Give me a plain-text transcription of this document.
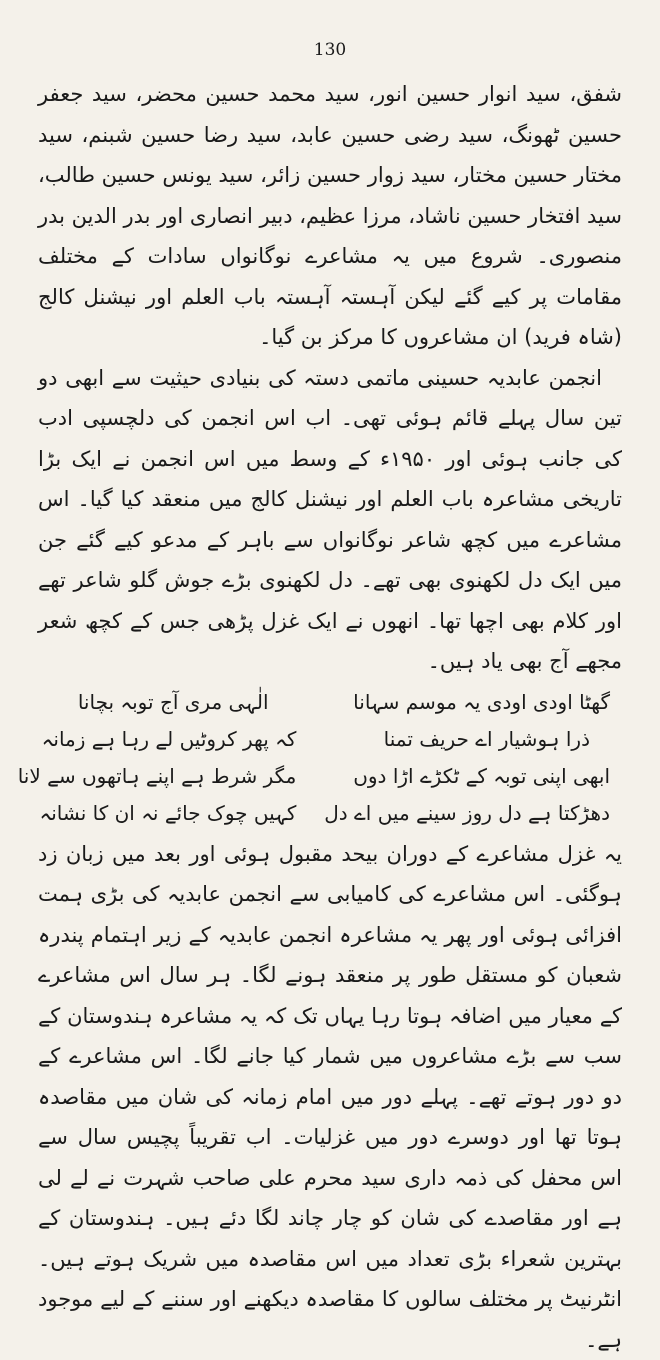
130

شفق، سید انوار حسین انور، سید محمد حسین محضر، سید جعفر حسین ٹھونگ، سید رضی حسین عابد، سید رضا حسین شبنم، سید مختار حسین مختار، سید زوار حسین زائر، سید یونس حسین طالب، سید افتخار حسین ناشاد، مرزا عظیم، دبیر انصاری اور بدر الدین بدر منصوری۔ شروع میں یہ مشاعرے نوگانواں سادات کے مختلف مقامات پر کیے گئے لیکن آہستہ آہستہ باب العلم اور نیشنل کالج (شاہ فرید) ان مشاعروں کا مرکز بن گیا۔

انجمن عابدیہ حسینی ماتمی دستہ کی بنیادی حیثیت سے ابھی دو تین سال پہلے قائم ہوئی تھی۔ اب اس انجمن کی دلچسپی ادب کی جانب ہوئی اور ۱۹۵۰ء کے وسط میں اس انجمن نے ایک بڑا تاریخی مشاعرہ باب العلم اور نیشنل کالج میں منعقد کیا گیا۔ اس مشاعرے میں کچھ شاعر نوگانواں سے باہر کے مدعو کیے گئے جن میں ایک دل لکھنوی بھی تھے۔ دل لکھنوی بڑے جوش گلو شاعر تھے اور کلام بھی اچھا تھا۔ انھوں نے ایک غزل پڑھی جس کے کچھ شعر مجھے آج بھی یاد ہیں۔

گھٹا اودی اودی یہ موسم سہانا
الٰہی مری آج توبہ بچانا
ذرا ہوشیار اے حریف تمنا
کہ پھر کروٹیں لے رہا ہے زمانہ
ابھی اپنی توبہ کے ٹکڑے اڑا دوں
مگر شرط ہے اپنے ہاتھوں سے لانا
دھڑکتا ہے دل روز سینے میں اے دل
کہیں چوک جائے نہ ان کا نشانہ

یہ غزل مشاعرے کے دوران بیحد مقبول ہوئی اور بعد میں زبان زد ہوگئی۔ اس مشاعرے کی کامیابی سے انجمن عابدیہ کی بڑی ہمت افزائی ہوئی اور پھر یہ مشاعرہ انجمن عابدیہ کے زیر اہتمام پندرہ شعبان کو مستقل طور پر منعقد ہونے لگا۔ ہر سال اس مشاعرے کے معیار میں اضافہ ہوتا رہا یہاں تک کہ یہ مشاعرہ ہندوستان کے سب سے بڑے مشاعروں میں شمار کیا جانے لگا۔ اس مشاعرے کے دو دور ہوتے تھے۔ پہلے دور میں امام زمانہ کی شان میں مقاصدہ ہوتا تھا اور دوسرے دور میں غزلیات۔ اب تقریباً پچیس سال سے اس محفل کی ذمہ داری سید محرم علی صاحب شہرت نے لے لی ہے اور مقاصدے کی شان کو چار چاند لگا دئے ہیں۔ ہندوستان کے بہترین شعراء بڑی تعداد میں اس مقاصدہ میں شریک ہوتے ہیں۔ انٹرنیٹ پر مختلف سالوں کا مقاصدہ دیکھنے اور سننے کے لیے موجود ہے۔
